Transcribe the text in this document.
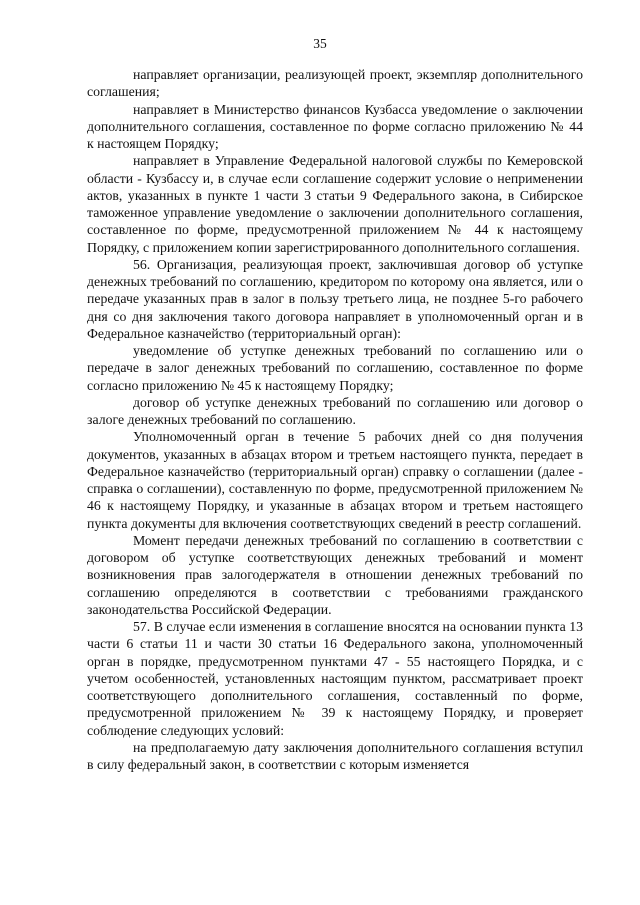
35

направляет организации, реализующей проект, экземпляр дополнительного соглашения;

направляет в Министерство финансов Кузбасса уведомление о заключении дополнительного соглашения, составленное по форме согласно приложению № 44 к настоящем Порядку;

направляет в Управление Федеральной налоговой службы по Кемеровской области - Кузбассу и, в случае если соглашение содержит условие о неприменении актов, указанных в пункте 1 части 3 статьи 9 Федерального закона, в Сибирское таможенное управление уведомление о заключении дополнительного соглашения, составленное по форме, предусмотренной приложением № 44 к настоящему Порядку, с приложением копии зарегистрированного дополнительного соглашения.

56. Организация, реализующая проект, заключившая договор об уступке денежных требований по соглашению, кредитором по которому она является, или о передаче указанных прав в залог в пользу третьего лица, не позднее 5-го рабочего дня со дня заключения такого договора направляет в уполномоченный орган и в Федеральное казначейство (территориальный орган):

уведомление об уступке денежных требований по соглашению или о передаче в залог денежных требований по соглашению, составленное по форме согласно приложению № 45 к настоящему Порядку;

договор об уступке денежных требований по соглашению или договор о залоге денежных требований по соглашению.

Уполномоченный орган в течение 5 рабочих дней со дня получения документов, указанных в абзацах втором и третьем настоящего пункта, передает в Федеральное казначейство (территориальный орган) справку о соглашении (далее - справка о соглашении), составленную по форме, предусмотренной приложением № 46 к настоящему Порядку, и указанные в абзацах втором и третьем настоящего пункта документы для включения соответствующих сведений в реестр соглашений.

Момент передачи денежных требований по соглашению в соответствии с договором об уступке соответствующих денежных требований и момент возникновения прав залогодержателя в отношении денежных требований по соглашению определяются в соответствии с требованиями гражданского законодательства Российской Федерации.

57. В случае если изменения в соглашение вносятся на основании пункта 13 части 6 статьи 11 и части 30 статьи 16 Федерального закона, уполномоченный орган в порядке, предусмотренном пунктами 47 - 55 настоящего Порядка, и с учетом особенностей, установленных настоящим пунктом, рассматривает проект соответствующего дополнительного соглашения, составленный по форме, предусмотренной приложением № 39 к настоящему Порядку, и проверяет соблюдение следующих условий:

на предполагаемую дату заключения дополнительного соглашения вступил в силу федеральный закон, в соответствии с которым изменяется
